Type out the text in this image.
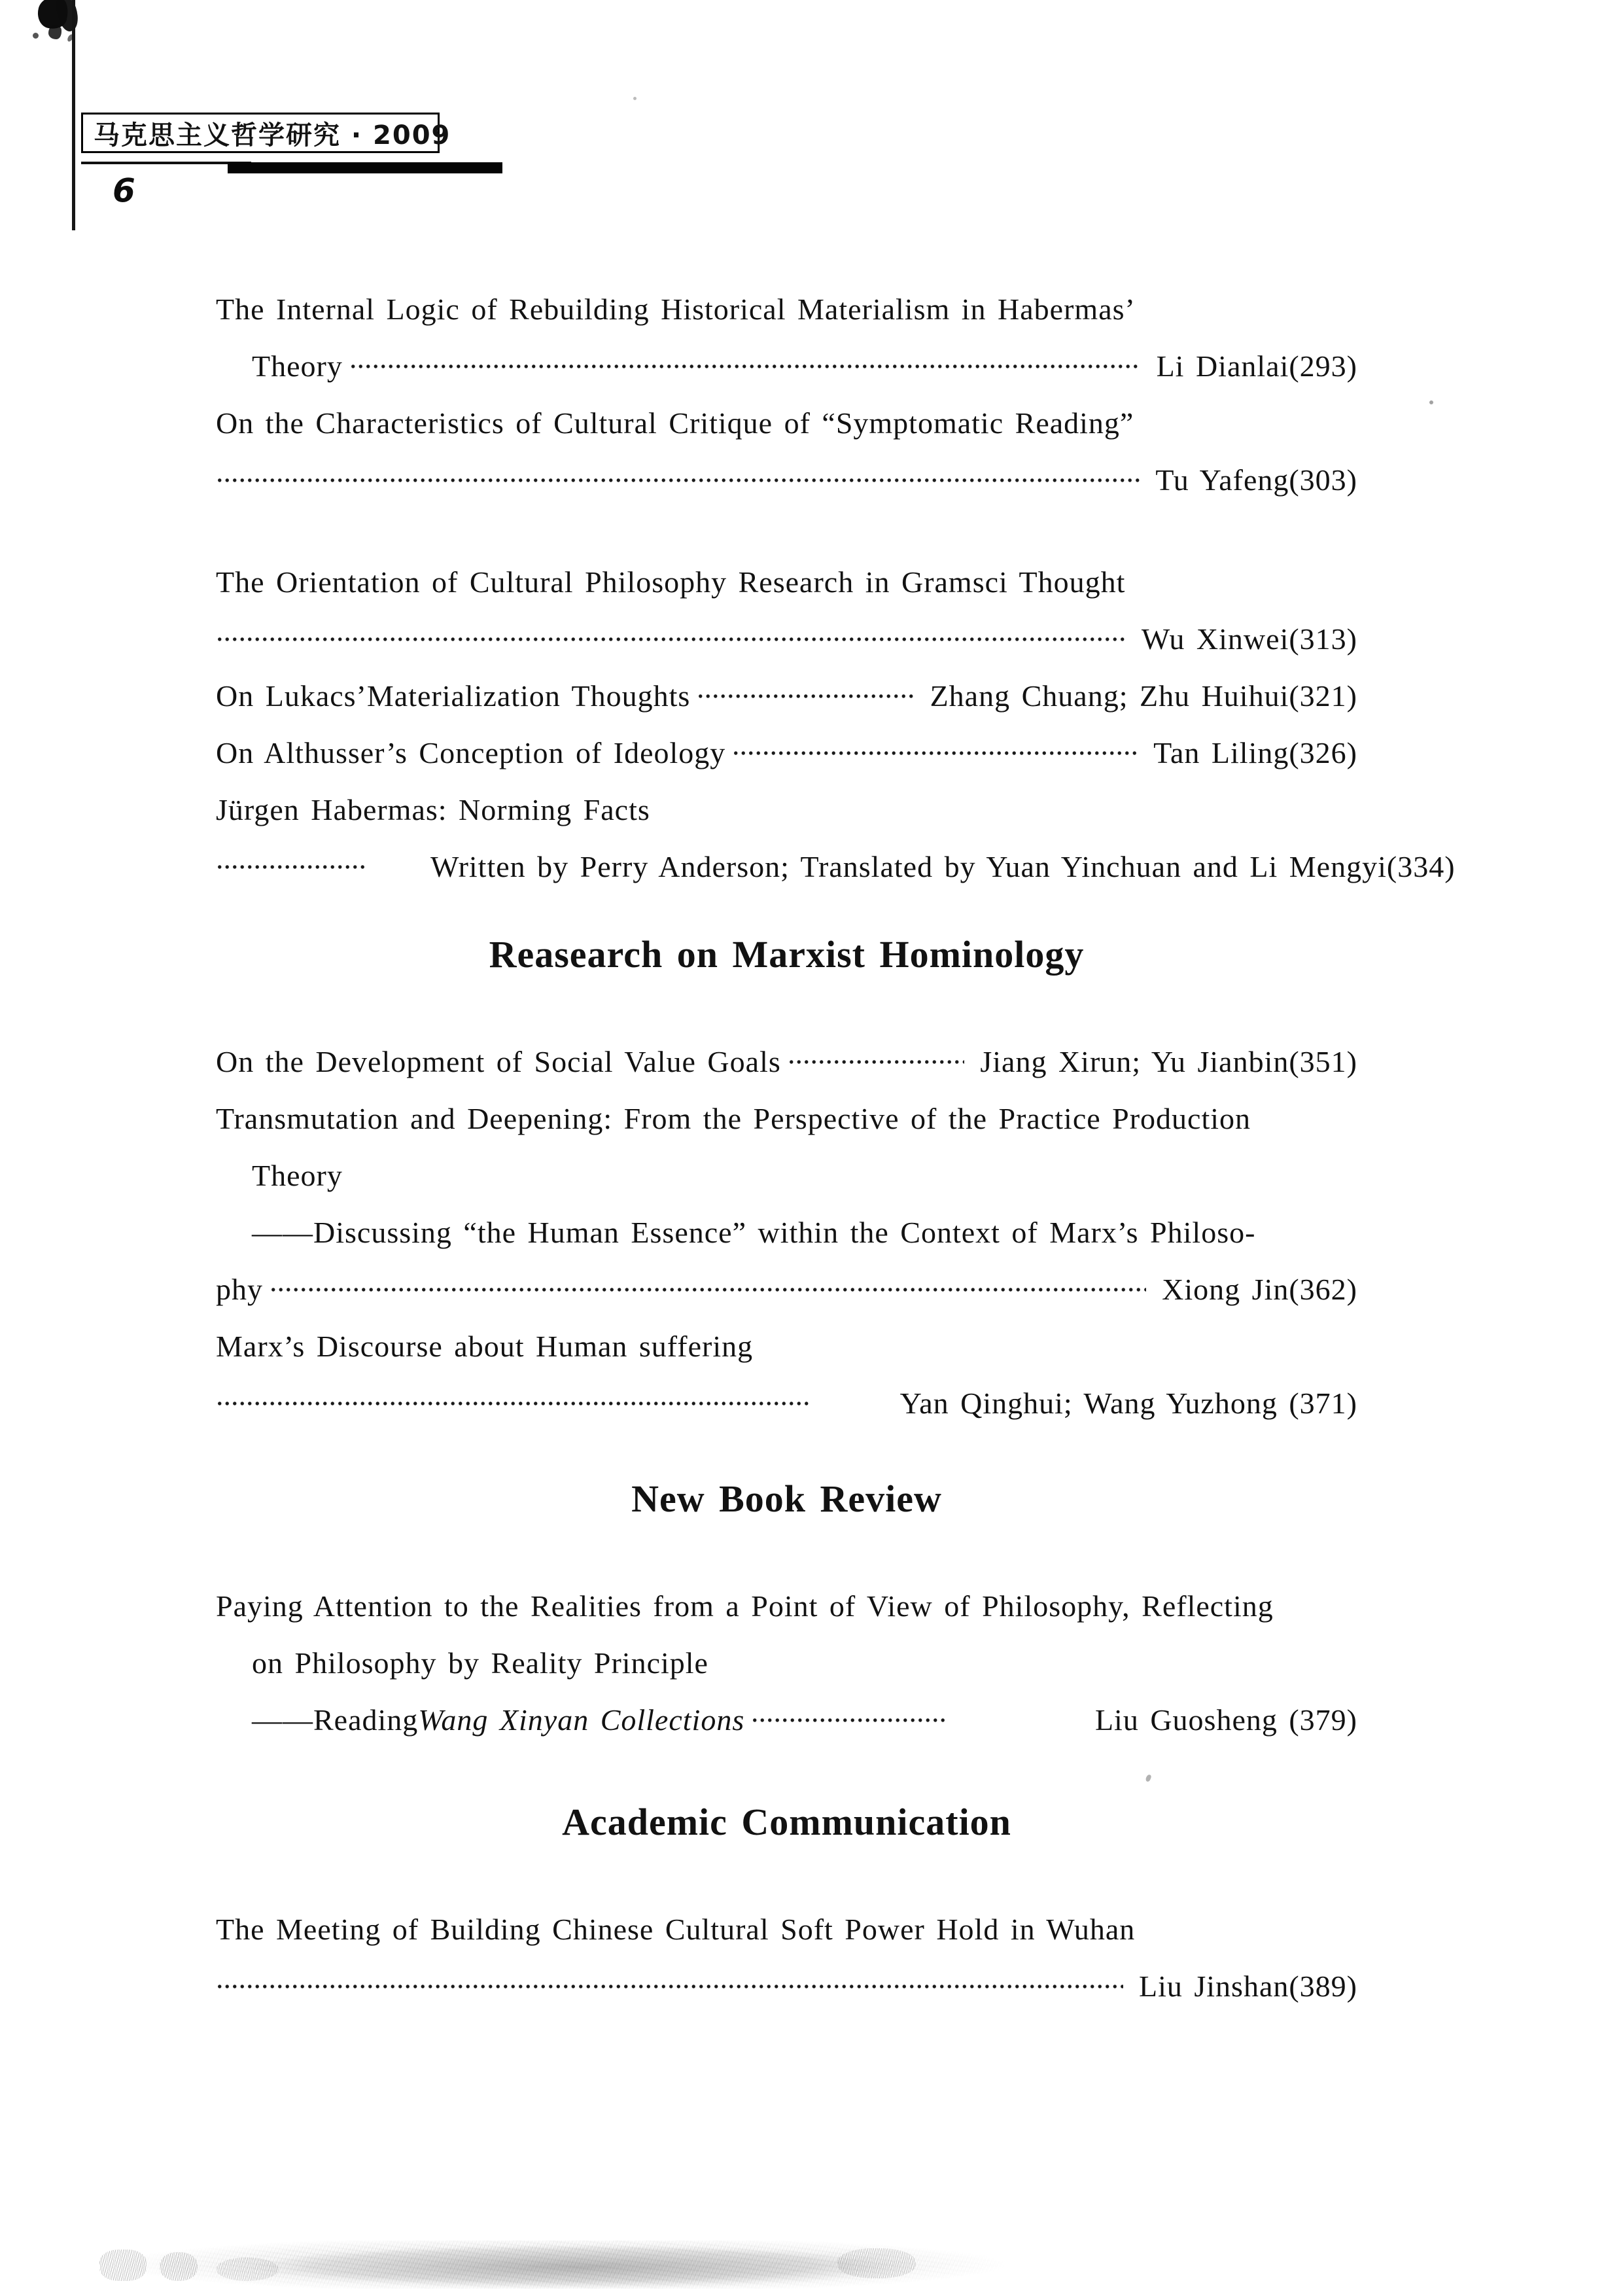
马克思主义哲学研究 · 2009
6
The Internal Logic of Rebuilding Historical Materialism in Habermas’
Theory	Li Dianlai(293)
On the Characteristics of Cultural Critique of “Symptomatic Reading”
Tu Yafeng(303)
The Orientation of Cultural Philosophy Research in Gramsci Thought
Wu Xinwei(313)
On Lukacs’Materialization Thoughts	Zhang Chuang; Zhu Huihui(321)
On Althusser’s Conception of Ideology	Tan Liling(326)
Jürgen Habermas: Norming Facts
Written by Perry Anderson; Translated by Yuan Yinchuan and Li Mengyi(334)
Reasearch on Marxist Hominology
On the Development of Social Value Goals	Jiang Xirun; Yu Jianbin(351)
Transmutation and Deepening: From the Perspective of the Practice Production
Theory
——Discussing “the Human Essence” within the Context of Marx’s Philoso-
phy	Xiong Jin(362)
Marx’s Discourse about Human suffering
Yan Qinghui; Wang Yuzhong (371)
New Book Review
Paying Attention to the Realities from a Point of View of Philosophy, Reflecting
on Philosophy by Reality Principle
——Reading Wang Xinyan Collections	Liu Guosheng (379)
Academic Communication
The Meeting of Building Chinese Cultural Soft Power Hold in Wuhan
Liu Jinshan(389)
